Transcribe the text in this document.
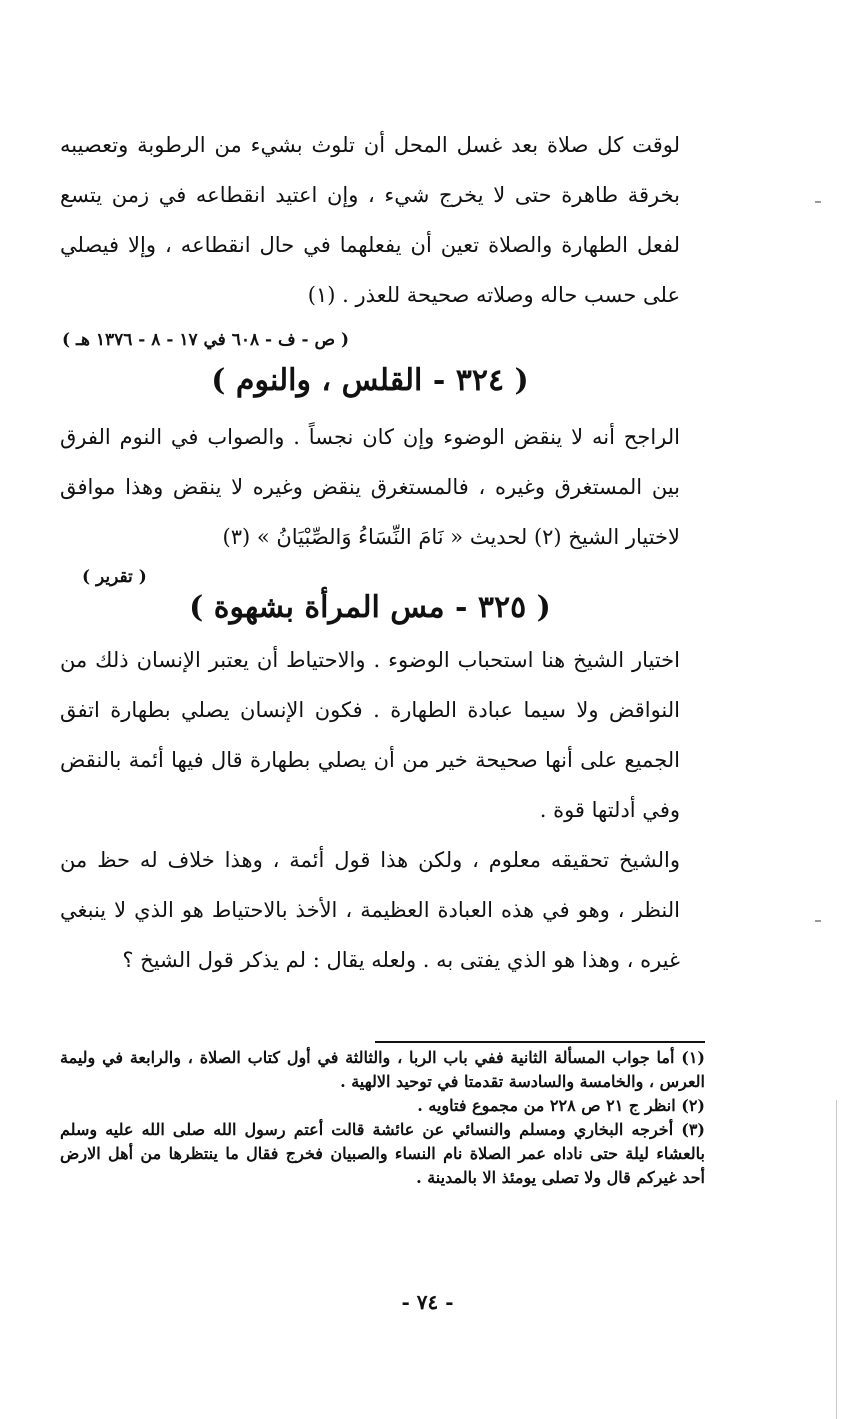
لوقت كل صلاة بعد غسل المحل أن تلوث بشيء من الرطوبة وتعصيبه بخرقة طاهرة حتى لا يخرج شيء ، وإن اعتيد انقطاعه في زمن يتسع لفعل الطهارة والصلاة تعين أن يفعلهما في حال انقطاعه ، وإلا فيصلي على حسب حاله وصلاته صحيحة للعذر . (١)

( ص - ف - ٦٠٨ في ١٧ - ٨ - ١٣٧٦ هـ )
( ٣٢٤ - القلس ، والنوم )

الراجح أنه لا ينقض الوضوء وإن كان نجساً . والصواب في النوم الفرق بين المستغرق وغيره ، فالمستغرق ينقض وغيره لا ينقض وهذا موافق لاختيار الشيخ (٢) لحديث « نَامَ النِّسَاءُ وَالصِّبْيَانُ » (٣)

( تقرير )
( ٣٢٥ - مس المرأة بشهوة )

اختيار الشيخ هنا استحباب الوضوء . والاحتياط أن يعتبر الإنسان ذلك من النواقض ولا سيما عبادة الطهارة . فكون الإنسان يصلي بطهارة اتفق الجميع على أنها صحيحة خير من أن يصلي بطهارة قال فيها أئمة بالنقض وفي أدلتها قوة .

والشيخ تحقيقه معلوم ، ولكن هذا قول أئمة ، وهذا خلاف له حظ من النظر ، وهو في هذه العبادة العظيمة ، الأخذ بالاحتياط هو الذي لا ينبغي غيره ، وهذا هو الذي يفتى به . ولعله يقال : لم يذكر قول الشيخ ؟

(١) أما جواب المسألة الثانية ففي باب الربا ، والثالثة في أول كتاب الصلاة ، والرابعة في وليمة العرس ، والخامسة والسادسة تقدمتا في توحيد الالهية .

(٢) انظر ج ٢١ ص ٢٢٨ من مجموع فتاويه .

(٣) أخرجه البخاري ومسلم والنسائي عن عائشة قالت أعتم رسول الله صلى الله عليه وسلم بالعشاء ليلة حتى ناداه عمر الصلاة نام النساء والصبيان فخرج فقال ما ينتظرها من أهل الارض أحد غيركم قال ولا تصلى يومئذ الا بالمدينة .

- ٧٤ -
